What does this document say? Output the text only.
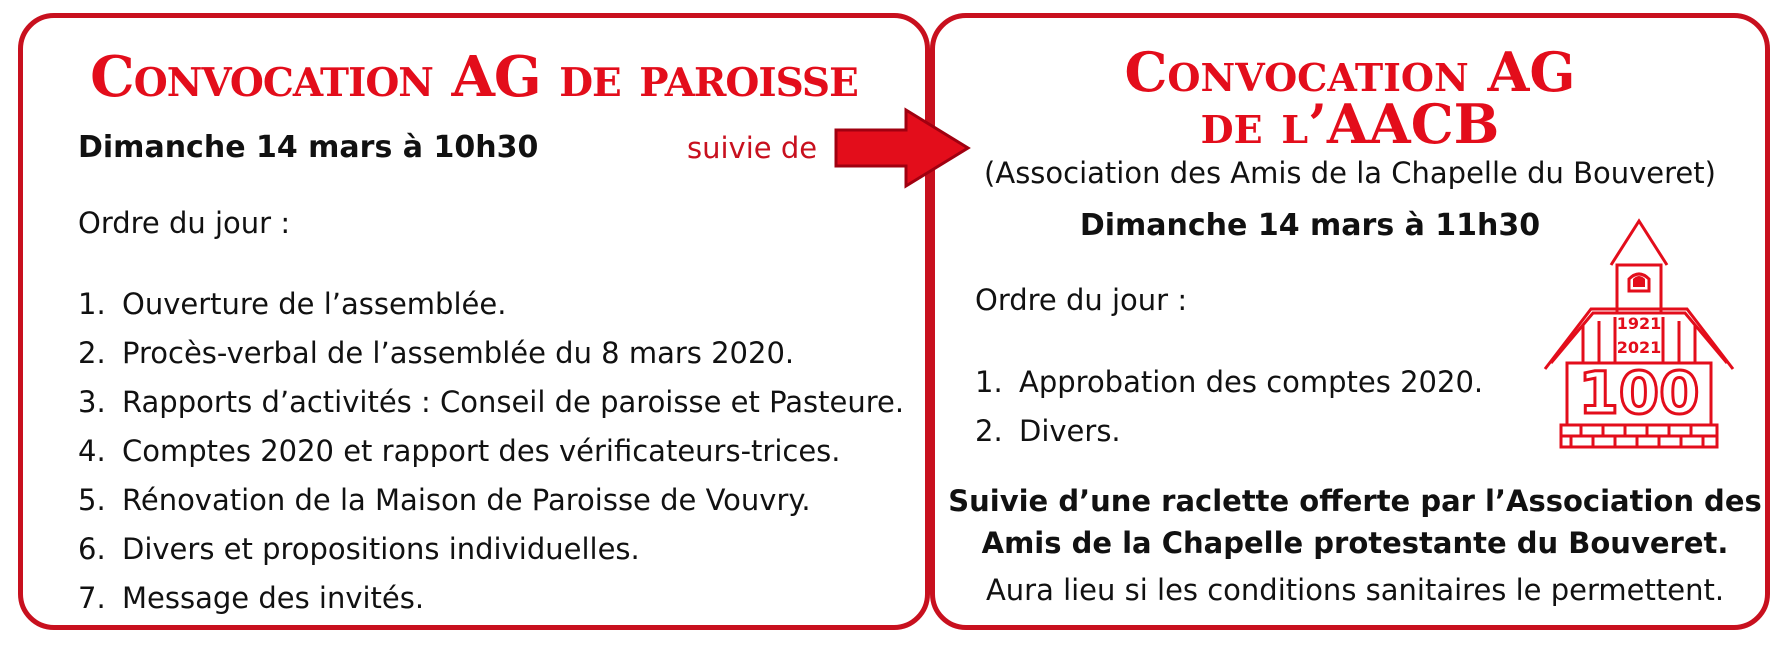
Convocation AG de paroisse
Dimanche 14 mars à 10h30	suivie de
Ordre du jour :
1. Ouverture de l’assemblée.
2. Procès-verbal de l’assemblée du 8 mars 2020.
3. Rapports d’activités : Conseil de paroisse et Pasteure.
4. Comptes 2020 et rapport des vérificateurs-trices.
5. Rénovation de la Maison de Paroisse de Vouvry.
6. Divers et propositions individuelles.
7. Message des invités.
Convocation AG
de l’AACB
(Association des Amis de la Chapelle du Bouveret)
Dimanche 14 mars à 11h30
Ordre du jour :
1. Approbation des comptes 2020.
2. Divers.
1921
2021
100
Suivie d’une raclette offerte par l’Association des
Amis de la Chapelle protestante du Bouveret.
Aura lieu si les conditions sanitaires le permettent.
